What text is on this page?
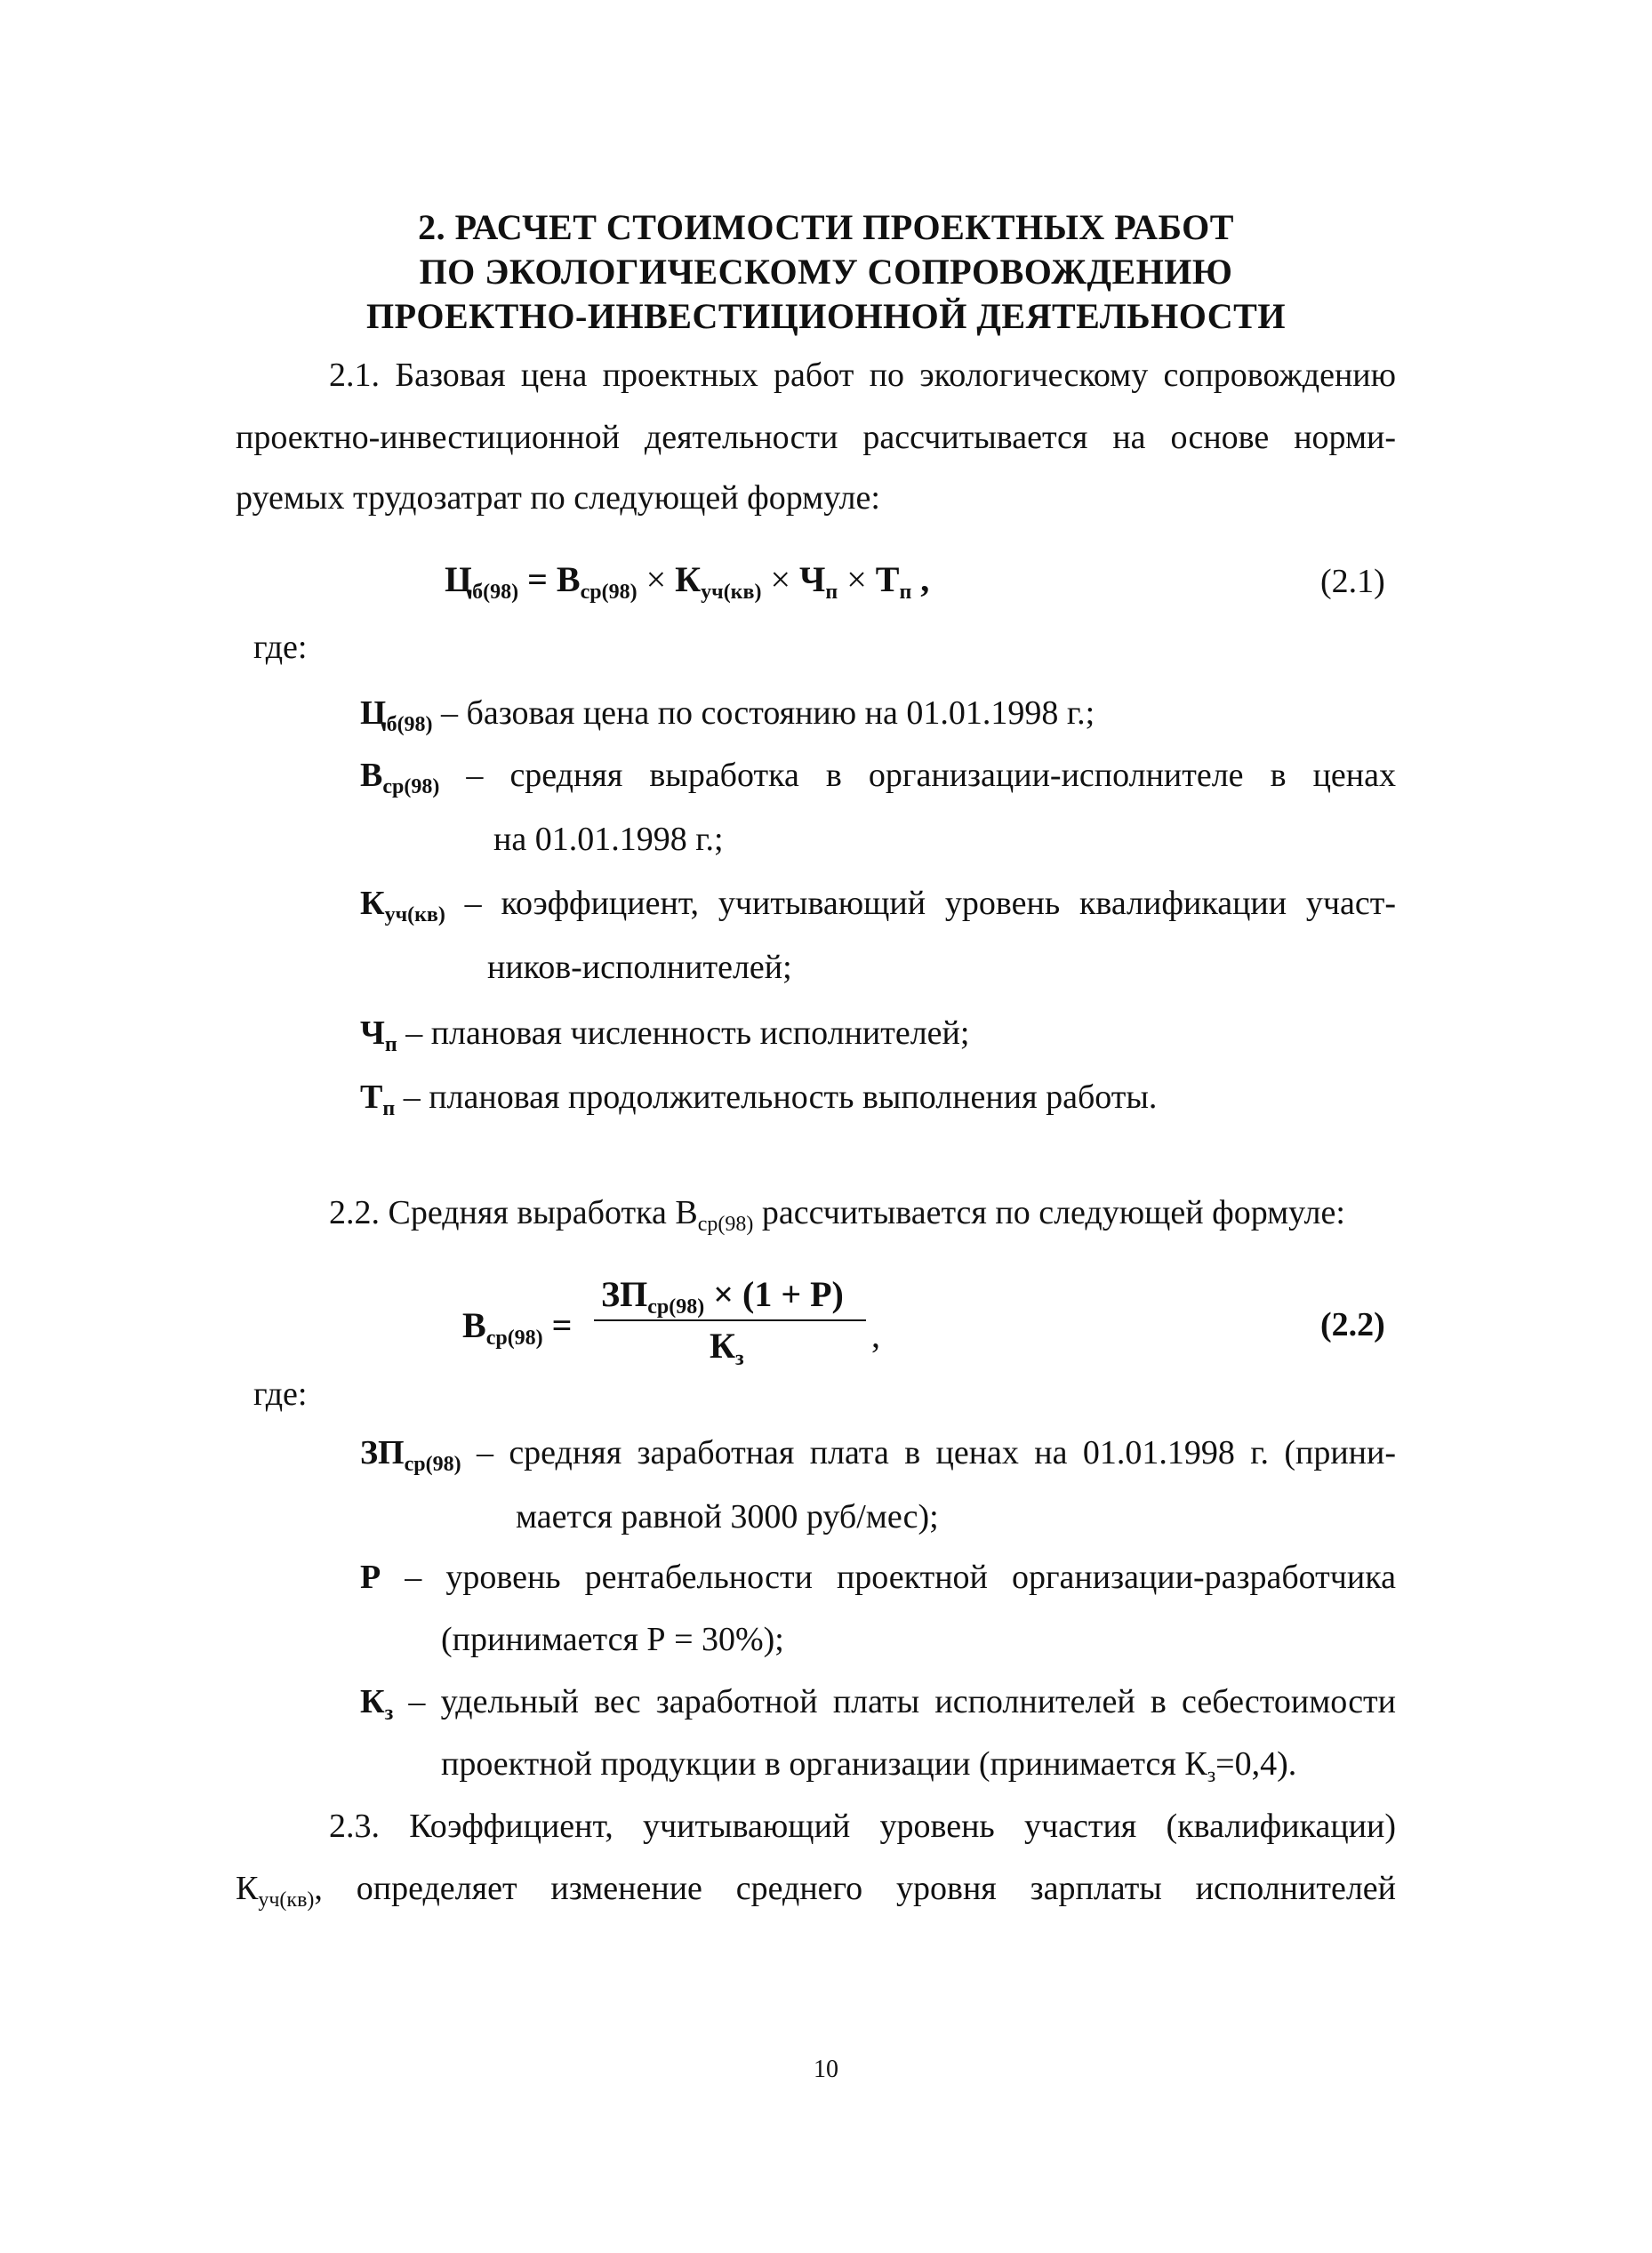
2. РАСЧЕТ СТОИМОСТИ ПРОЕКТНЫХ РАБОТ
ПО ЭКОЛОГИЧЕСКОМУ СОПРОВОЖДЕНИЮ
ПРОЕКТНО-ИНВЕСТИЦИОННОЙ ДЕЯТЕЛЬНОСТИ
2.1. Базовая цена проектных работ по экологическому сопровождению
проектно-инвестиционной деятельности рассчитывается на основе норми-
руемых трудозатрат по следующей формуле:
$Ц_{б(98)} = В_{ср(98)} \times К_{уч(кв)} \times Ч_п \times Т_п$ ,	(2.1)
где:
$Ц_{б(98)}$ – базовая цена по состоянию на 01.01.1998 г.;
$В_{ср(98)}$ – средняя выработка в организации-исполнителе в ценах
на 01.01.1998 г.;
$К_{уч(кв)}$ – коэффициент, учитывающий уровень квалификации участ-
ников-исполнителей;
$Ч_п$ – плановая численность исполнителей;
$Т_п$ – плановая продолжительность выполнения работы.
2.2. Средняя выработка $В_{ср(98)}$ рассчитывается по следующей формуле:
$В_{ср(98)}$ =
$ЗП_{ср(98)} \times (1 + Р)$
$К_з$
,	(2.2)
где:
$ЗП_{ср(98)}$ – средняя заработная плата в ценах на 01.01.1998 г. (прини-
мается равной 3000 руб/мес);
Р – уровень рентабельности проектной организации-разработчика
(принимается Р = 30%);
$К_з$ – удельный вес заработной платы исполнителей в себестоимости
проектной продукции в организации (принимается $К_з=0,4$).
2.3. Коэффициент, учитывающий уровень участия (квалификации)
$К_{уч(кв)}$, определяет изменение среднего уровня зарплаты исполнителей
10
